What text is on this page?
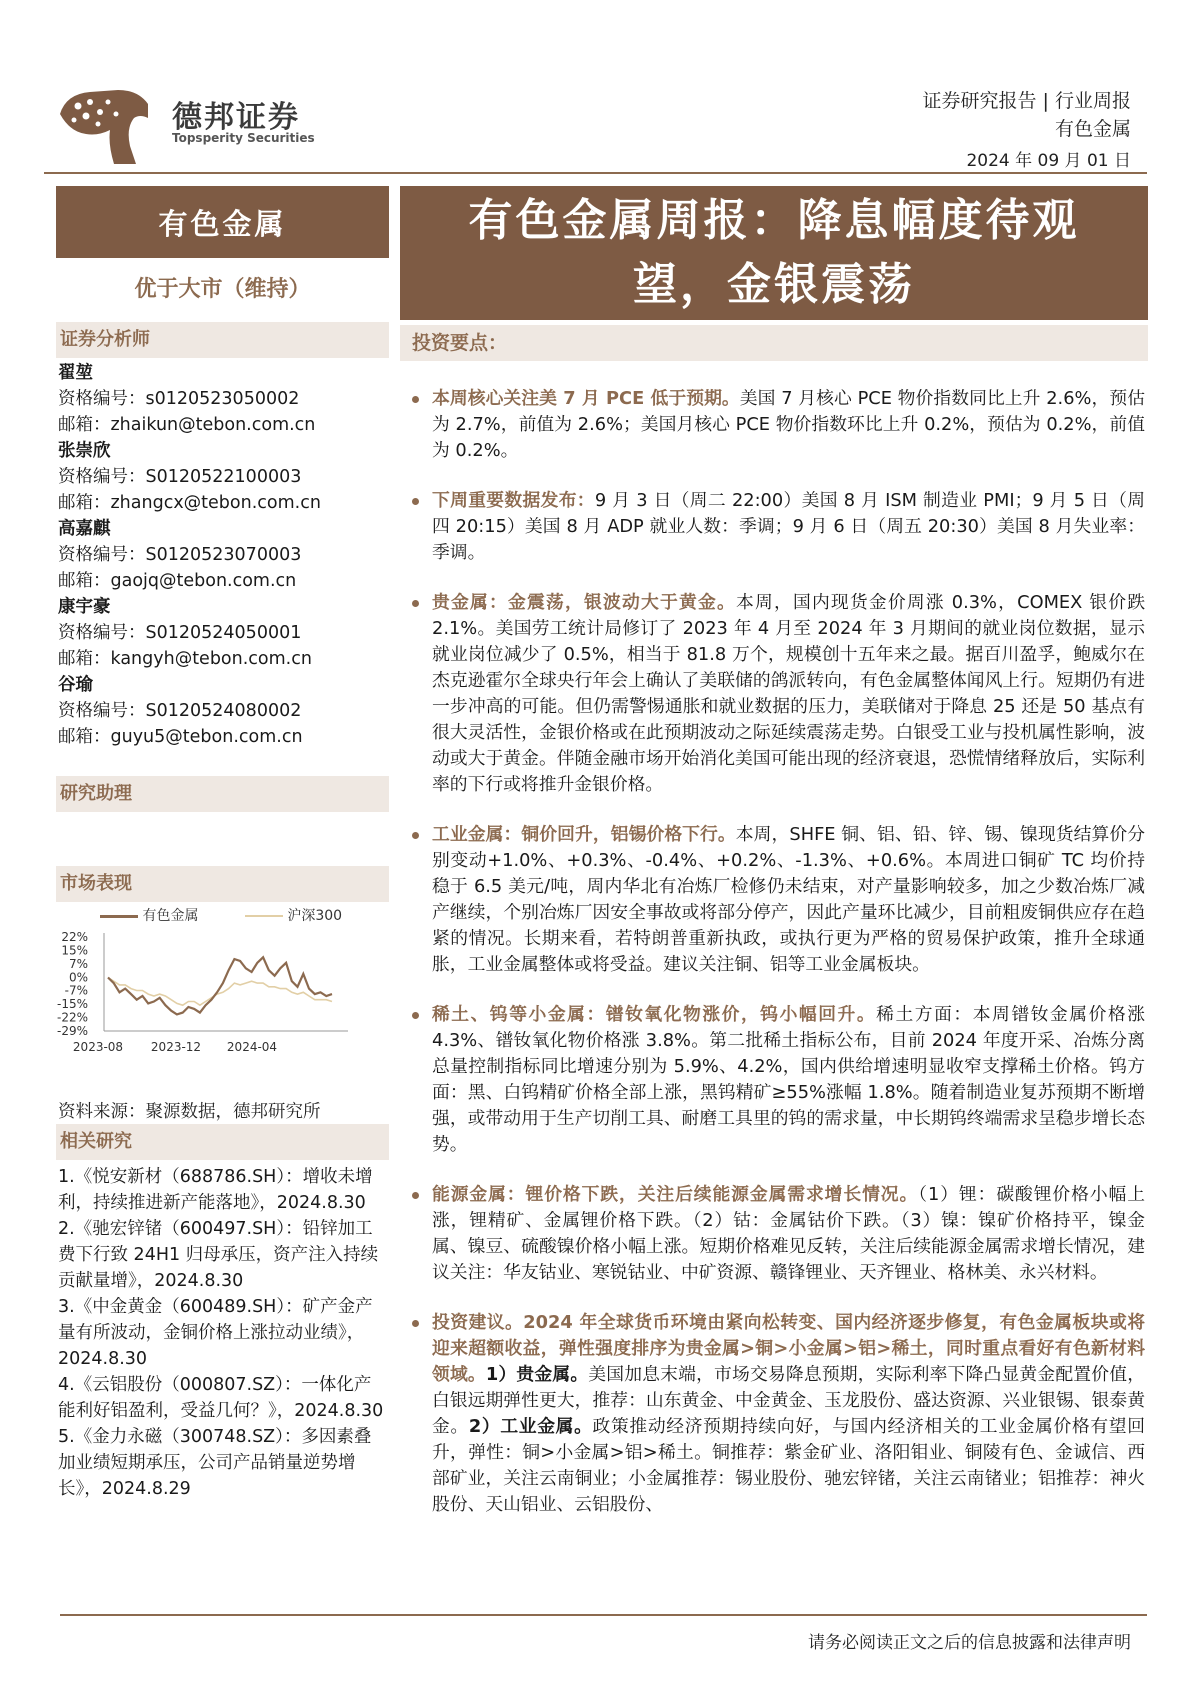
德邦证券
Topsperity Securities
证券研究报告 | 行业周报
有色金属
2024 年 09 月 01 日
有色金属
优于大市（维持）
证券分析师
翟堃
资格编号：s0120523050002
邮箱：zhaikun@tebon.com.cn
张崇欣
资格编号：S0120522100003
邮箱：zhangcx@tebon.com.cn
高嘉麒
资格编号：S0120523070003
邮箱：gaojq@tebon.com.cn
康宇豪
资格编号：S0120524050001
邮箱：kangyh@tebon.com.cn
谷瑜
资格编号：S0120524080002
邮箱：guyu5@tebon.com.cn
研究助理
市场表现
有色金属	沪深300
22%
15%
7%
0%
-7%
-15%
-22%
-29%
2023-08 2023-12 2024-04
资料来源：聚源数据，德邦研究所
相关研究
1.《悦安新材（688786.SH）：增收未增利，持续推进新产能落地》，2024.8.30
2.《驰宏锌锗（600497.SH）：铅锌加工费下行致 24H1 归母承压，资产注入持续贡献量增》，2024.8.30
3.《中金黄金（600489.SH）：矿产金产量有所波动，金铜价格上涨拉动业绩》，2024.8.30
4.《云铝股份（000807.SZ）：一体化产能利好铝盈利，受益几何？》，2024.8.30
5.《金力永磁（300748.SZ）：多因素叠加业绩短期承压，公司产品销量逆势增长》，2024.8.29
有色金属周报：降息幅度待观
望，金银震荡
投资要点：
本周核心关注美 7 月 PCE 低于预期。美国 7 月核心 PCE 物价指数同比上升 2.6%，预估为 2.7%，前值为 2.6%；美国月核心 PCE 物价指数环比上升 0.2%，预估为 0.2%，前值为 0.2%。
下周重要数据发布：9 月 3 日（周二 22:00）美国 8 月 ISM 制造业 PMI；9 月 5 日（周四 20:15）美国 8 月 ADP 就业人数：季调；9 月 6 日（周五 20:30）美国 8 月失业率：季调。
贵金属：金震荡，银波动大于黄金。本周，国内现货金价周涨 0.3%，COMEX 银价跌 2.1%。美国劳工统计局修订了 2023 年 4 月至 2024 年 3 月期间的就业岗位数据，显示就业岗位减少了 0.5%，相当于 81.8 万个，规模创十五年来之最。据百川盈孚，鲍威尔在杰克逊霍尔全球央行年会上确认了美联储的鸽派转向，有色金属整体闻风上行。短期仍有进一步冲高的可能。但仍需警惕通胀和就业数据的压力，美联储对于降息 25 还是 50 基点有很大灵活性，金银价格或在此预期波动之际延续震荡走势。白银受工业与投机属性影响，波动或大于黄金。伴随金融市场开始消化美国可能出现的经济衰退，恐慌情绪释放后，实际利率的下行或将推升金银价格。
工业金属：铜价回升，铝锡价格下行。本周，SHFE 铜、铝、铅、锌、锡、镍现货结算价分别变动+1.0%、+0.3%、-0.4%、+0.2%、-1.3%、+0.6%。本周进口铜矿 TC 均价持稳于 6.5 美元/吨，周内华北有冶炼厂检修仍未结束，对产量影响较多，加之少数冶炼厂减产继续，个别冶炼厂因安全事故或将部分停产，因此产量环比减少，目前粗废铜供应存在趋紧的情况。长期来看，若特朗普重新执政，或执行更为严格的贸易保护政策，推升全球通胀，工业金属整体或将受益。建议关注铜、铝等工业金属板块。
稀土、钨等小金属：镨钕氧化物涨价，钨小幅回升。稀土方面：本周镨钕金属价格涨 4.3%、镨钕氧化物价格涨 3.8%。第二批稀土指标公布，目前 2024 年度开采、冶炼分离总量控制指标同比增速分别为 5.9%、4.2%，国内供给增速明显收窄支撑稀土价格。钨方面：黑、白钨精矿价格全部上涨，黑钨精矿≥55%涨幅 1.8%。随着制造业复苏预期不断增强，或带动用于生产切削工具、耐磨工具里的钨的需求量，中长期钨终端需求呈稳步增长态势。
能源金属：锂价格下跌，关注后续能源金属需求增长情况。（1）锂：碳酸锂价格小幅上涨，锂精矿、金属锂价格下跌。（2）钴：金属钴价下跌。（3）镍：镍矿价格持平，镍金属、镍豆、硫酸镍价格小幅上涨。短期价格难见反转，关注后续能源金属需求增长情况，建议关注：华友钴业、寒锐钴业、中矿资源、赣锋锂业、天齐锂业、格林美、永兴材料。
投资建议。2024 年全球货币环境由紧向松转变、国内经济逐步修复，有色金属板块或将迎来超额收益，弹性强度排序为贵金属>铜>小金属>铝>稀土，同时重点看好有色新材料领域。1）贵金属。美国加息末端，市场交易降息预期，实际利率下降凸显黄金配置价值，白银远期弹性更大，推荐：山东黄金、中金黄金、玉龙股份、盛达资源、兴业银锡、银泰黄金。2）工业金属。政策推动经济预期持续向好，与国内经济相关的工业金属价格有望回升，弹性：铜>小金属>铝>稀土。铜推荐：紫金矿业、洛阳钼业、铜陵有色、金诚信、西部矿业，关注云南铜业；小金属推荐：锡业股份、驰宏锌锗，关注云南锗业；铝推荐：神火股份、天山铝业、云铝股份、
请务必阅读正文之后的信息披露和法律声明
